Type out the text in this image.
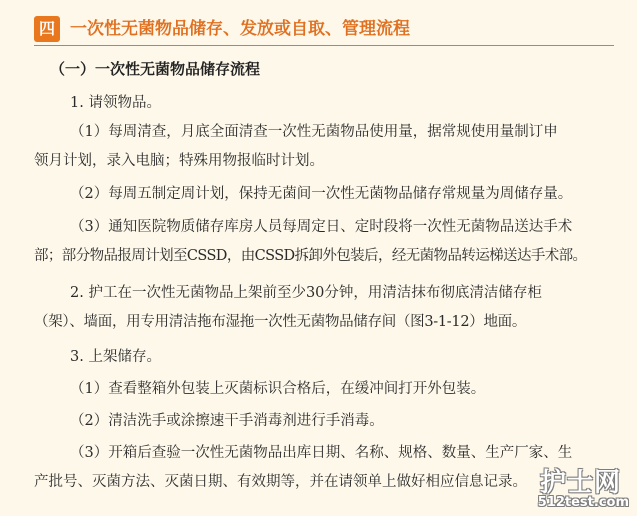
四 一次性无菌物品储存、发放或自取、管理流程
（一）一次性无菌物品储存流程

1. 请领物品。

（1）每周清查，月底全面清查一次性无菌物品使用量，据常规使用量制订申
领月计划，录入电脑；特殊用物报临时计划。

（2）每周五制定周计划，保持无菌间一次性无菌物品储存常规量为周储存量。

（3）通知医院物质储存库房人员每周定日、定时段将一次性无菌物品送达手术
部；部分物品报周计划至CSSD，由CSSD拆卸外包装后，经无菌物品转运梯送达手术部。

2. 护工在一次性无菌物品上架前至少30分钟，用清洁抹布彻底清洁储存柜
（架）、墙面，用专用清洁拖布湿拖一次性无菌物品储存间（图3-1-12）地面。

3. 上架储存。

（1）查看整箱外包装上灭菌标识合格后，在缓冲间打开外包装。

（2）清洁洗手或涂擦速干手消毒剂进行手消毒。

（3）开箱后查验一次性无菌物品出库日期、名称、规格、数量、生产厂家、生
产批号、灭菌方法、灭菌日期、有效期等，并在请领单上做好相应信息记录。 护士网
512test.com
